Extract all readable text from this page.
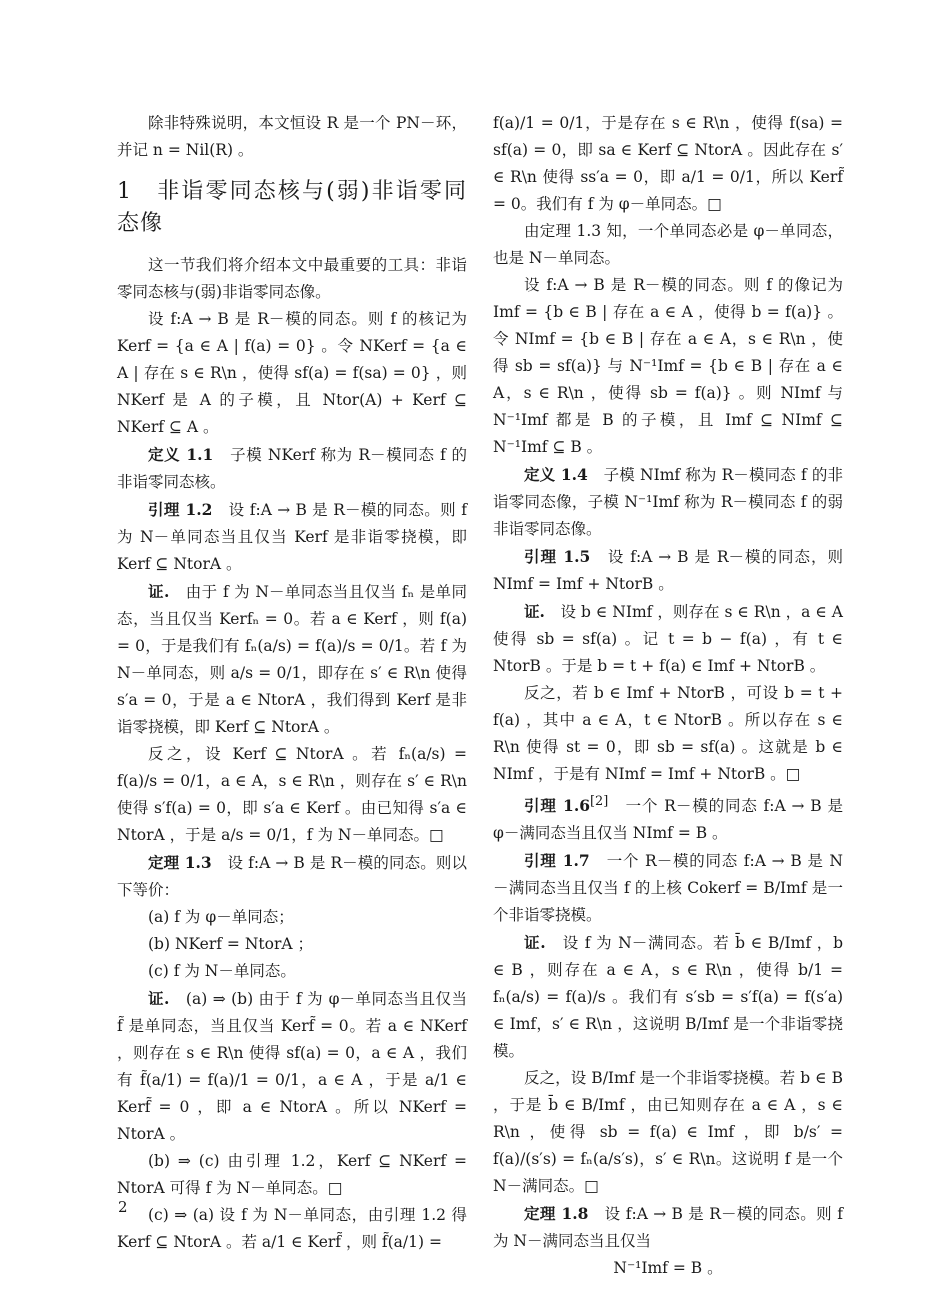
除非特殊说明，本文恒设 R 是一个 PN－环，并记 n = Nil(R) 。

1　非诣零同态核与(弱)非诣零同态像

这一节我们将介绍本文中最重要的工具：非诣零同态核与(弱)非诣零同态像。

设 f:A → B 是 R－模的同态。则 f 的核记为 Kerf = {a ∈ A | f(a) = 0} 。令 NKerf = {a ∈ A | 存在 s ∈ R\n ，使得 sf(a) = f(sa) = 0} ，则 NKerf 是 A 的子模，且 Ntor(A) + Kerf ⊆ NKerf ⊆ A 。

定义 1.1　 子模 NKerf 称为 R－模同态 f 的非诣零同态核。

引理 1.2　 设 f:A → B 是 R－模的同态。则 f 为 N－单同态当且仅当 Kerf 是非诣零挠模，即 Kerf ⊆ NtorA 。

证.　 由于 f 为 N－单同态当且仅当 fₙ 是单同态，当且仅当 Kerfₙ = 0。若 a ∈ Kerf ，则 f(a) = 0，于是我们有 fₙ(a/s) = f(a)/s = 0/1。若 f 为 N－单同态，则 a/s = 0/1，即存在 s′ ∈ R\n 使得 s′a = 0，于是 a ∈ NtorA ，我们得到 Kerf 是非诣零挠模，即 Kerf ⊆ NtorA 。

反之，设 Kerf ⊆ NtorA 。若 fₙ(a/s) = f(a)/s = 0/1，a ∈ A，s ∈ R\n ，则存在 s′ ∈ R\n 使得 s′f(a) = 0，即 s′a ∈ Kerf 。由已知得 s′a ∈ NtorA ，于是 a/s = 0/1，f 为 N－单同态。□

定理 1.3　 设 f:A → B 是 R－模的同态。则以下等价：

(a) f 为 φ－单同态；

(b) NKerf = NtorA ；

(c) f 为 N－单同态。

证.　 (a) ⇒ (b) 由于 f 为 φ－单同态当且仅当 f̃ 是单同态，当且仅当 Kerf̃ = 0。若 a ∈ NKerf ，则存在 s ∈ R\n 使得 sf(a) = 0，a ∈ A ，我们有 f̃(a/1) = f(a)/1 = 0/1，a ∈ A ，于是 a/1 ∈ Kerf̃ = 0 ，即 a ∈ NtorA 。所以 NKerf = NtorA 。

(b) ⇒ (c) 由引理 1.2，Kerf ⊆ NKerf = NtorA 可得 f 为 N－单同态。□

(c) ⇒ (a) 设 f 为 N－单同态，由引理 1.2 得 Kerf ⊆ NtorA 。若 a/1 ∈ Kerf̃ ，则 f̃(a/1) =

f(a)/1 = 0/1，于是存在 s ∈ R\n ，使得 f(sa) = sf(a) = 0，即 sa ∈ Kerf ⊆ NtorA 。因此存在 s′ ∈ R\n 使得 ss′a = 0，即 a/1 = 0/1，所以 Kerf̃ = 0。我们有 f 为 φ－单同态。□

由定理 1.3 知，一个单同态必是 φ－单同态，也是 N－单同态。

设 f:A → B 是 R－模的同态。则 f 的像记为 Imf = {b ∈ B | 存在 a ∈ A ，使得 b = f(a)} 。令 NImf = {b ∈ B | 存在 a ∈ A，s ∈ R\n ，使得 sb = sf(a)} 与 N⁻¹Imf = {b ∈ B | 存在 a ∈ A，s ∈ R\n ，使得 sb = f(a)} 。则 NImf 与 N⁻¹Imf 都是 B 的子模，且 Imf ⊆ NImf ⊆ N⁻¹Imf ⊆ B 。

定义 1.4　 子模 NImf 称为 R－模同态 f 的非诣零同态像，子模 N⁻¹Imf 称为 R－模同态 f 的弱非诣零同态像。

引理 1.5　 设 f:A → B 是 R－模的同态，则 NImf = Imf + NtorB 。

证.　 设 b ∈ NImf ，则存在 s ∈ R\n ，a ∈ A 使得 sb = sf(a) 。记 t = b − f(a) ，有 t ∈ NtorB 。于是 b = t + f(a) ∈ Imf + NtorB 。

反之，若 b ∈ Imf + NtorB ，可设 b = t + f(a) ，其中 a ∈ A，t ∈ NtorB 。所以存在 s ∈ R\n 使得 st = 0，即 sb = sf(a) 。这就是 b ∈ NImf ，于是有 NImf = Imf + NtorB 。□

引理 1.6[2]　 一个 R－模的同态 f:A → B 是 φ－满同态当且仅当 NImf = B 。

引理 1.7　 一个 R－模的同态 f:A → B 是 N－满同态当且仅当 f 的上核 Cokerf = B/Imf 是一个非诣零挠模。

证.　 设 f 为 N－满同态。若 b̄ ∈ B/Imf ，b ∈ B ，则存在 a ∈ A，s ∈ R\n ，使得 b/1 = fₙ(a/s) = f(a)/s 。我们有 s′sb = s′f(a) = f(s′a) ∈ Imf，s′ ∈ R\n ，这说明 B/Imf 是一个非诣零挠模。

反之，设 B/Imf 是一个非诣零挠模。若 b ∈ B ，于是 b̄ ∈ B/Imf ，由已知则存在 a ∈ A ，s ∈ R\n ，使得 sb = f(a) ∈ Imf ，即 b/s′ = f(a)/(s′s) = fₙ(a/s′s)，s′ ∈ R\n。这说明 f 是一个 N－满同态。□

定理 1.8　 设 f:A → B 是 R－模的同态。则 f 为 N－满同态当且仅当

N⁻¹Imf = B 。

2
